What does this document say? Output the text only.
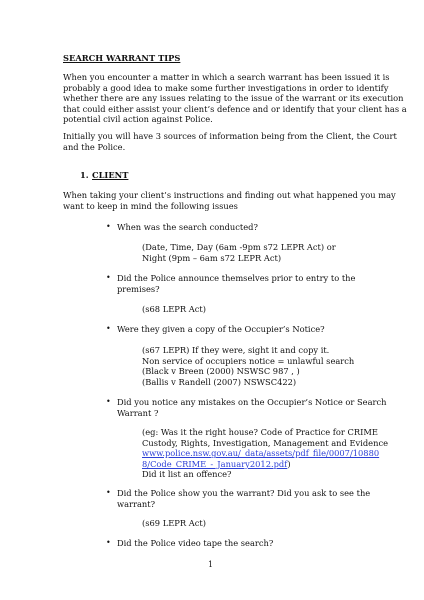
SEARCH WARRANT TIPS
When you encounter a matter in which a search warrant has been issued it is
probably a good idea to make some further investigations in order to identify
whether there are any issues relating to the issue of the warrant or its execution
that could either assist your client’s defence and or identify that your client has a
potential civil action against Police.
Initially you will have 3 sources of information being from the Client, the Court
and the Police.
1. CLIENT
When taking your client’s instructions and finding out what happened you may
want to keep in mind the following issues
• When was the search conducted?
(Date, Time, Day (6am -9pm s72 LEPR Act) or
Night (9pm – 6am s72 LEPR Act)
• Did the Police announce themselves prior to entry to the
premises?
(s68 LEPR Act)
• Were they given a copy of the Occupier’s Notice?
(s67 LEPR) If they were, sight it and copy it.
Non service of occupiers notice = unlawful search
(Black v Breen (2000) NSWSC 987 , )
(Ballis v Randell (2007) NSWSC422)
• Did you notice any mistakes on the Occupier’s Notice or Search
Warrant ?
(eg: Was it the right house? Code of Practice for CRIME
Custody, Rights, Investigation, Management and Evidence
www.police.nsw.gov.au/_data/assets/pdf_file/0007/10880
8/Code_CRIME_-_January2012.pdf)
Did it list an offence?
• Did the Police show you the warrant? Did you ask to see the
warrant?
(s69 LEPR Act)
• Did the Police video tape the search?
1
